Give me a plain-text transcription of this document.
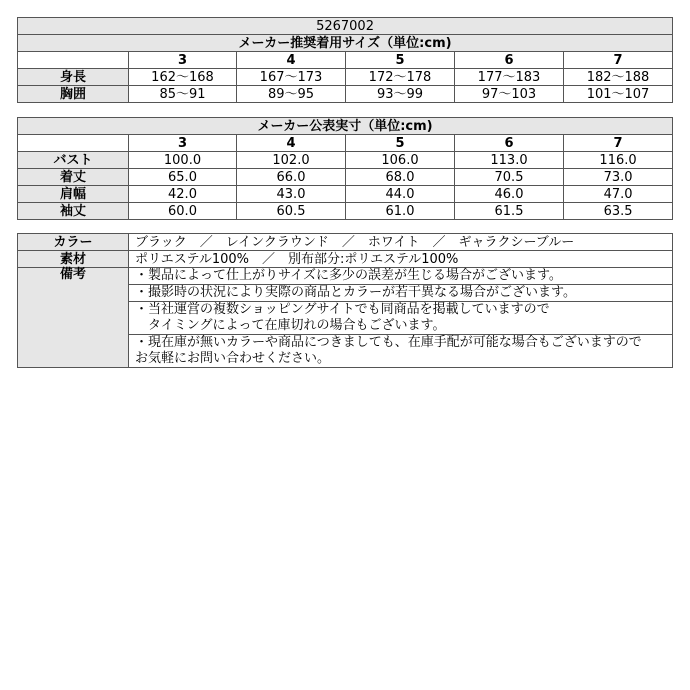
5267002					
メーカー推奨着用サイズ（単位:cm)					
	3	4	5	6	7
身長	162～168	167～173	172～178	177～183	182～188
胸囲	85～91	89～95	93～99	97～103	101～107
メーカー公表実寸（単位:cm)					
	3	4	5	6	7
バスト	100.0	102.0	106.0	113.0	116.0
着丈	65.0	66.0	68.0	70.5	73.0
肩幅	42.0	43.0	44.0	46.0	47.0
袖丈	60.0	60.5	61.0	61.5	63.5
カラー	ブラック　／　レインクラウンド　／　ホワイト　／　ギャラクシーブルー
素材	ポリエステル100%　／　別布部分:ポリエステル100%
備考	・製品によって仕上がりサイズに多少の誤差が生じる場合がございます。

	・撮影時の状況により実際の商品とカラーが若干異なる場合がございます。

	・当社運営の複数ショッピングサイトでも同商品を掲載していますので
　タイミングによって在庫切れの場合もございます。

	・現在庫が無いカラーや商品につきましても、在庫手配が可能な場合もございますので
お気軽にお問い合わせください。
